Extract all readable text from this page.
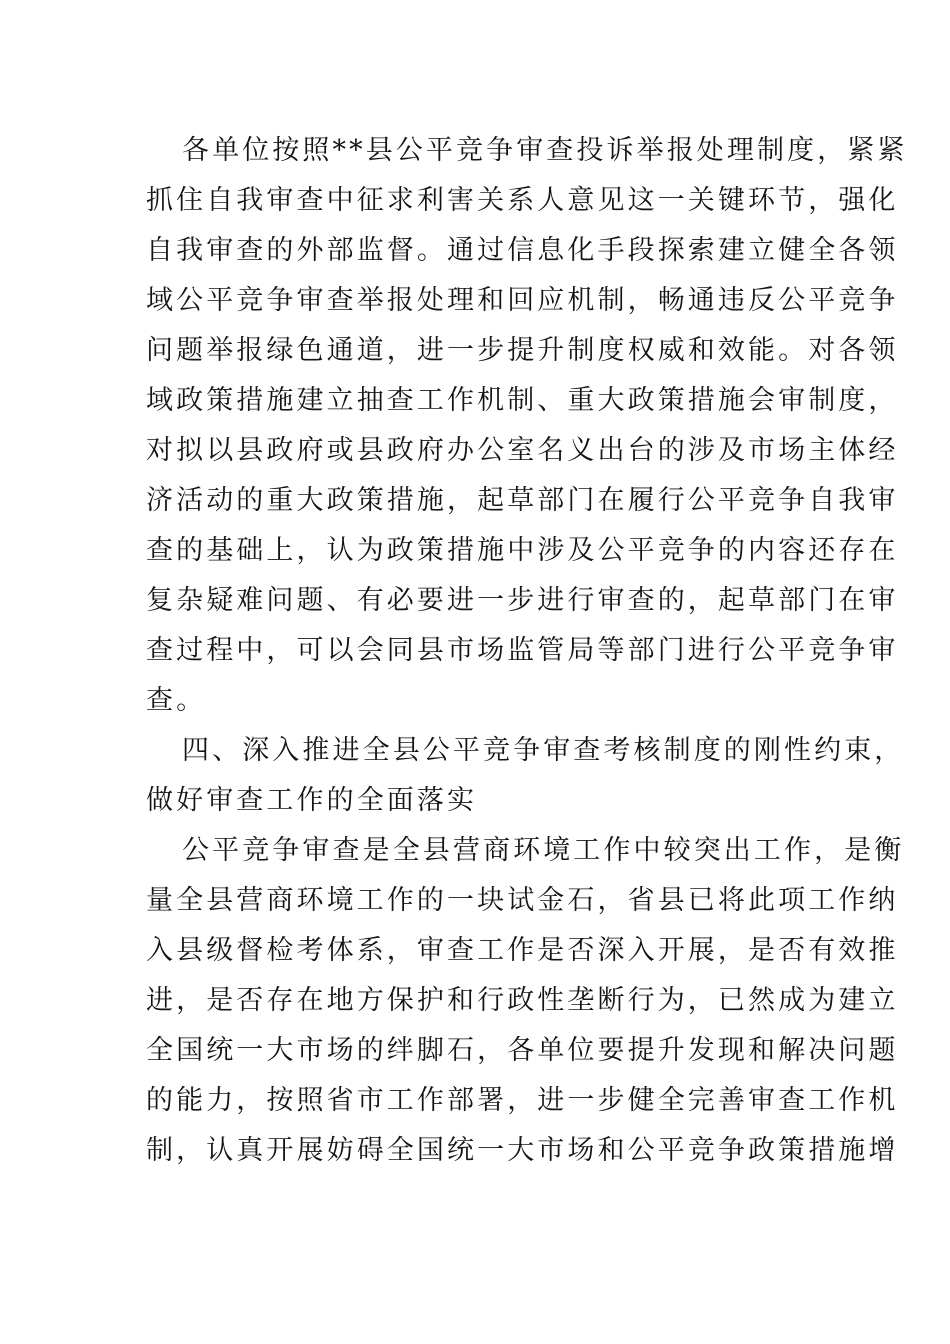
各单位按照**县公平竞争审查投诉举报处理制度，紧紧
抓住自我审查中征求利害关系人意见这一关键环节，强化
自我审查的外部监督。通过信息化手段探索建立健全各领
域公平竞争审查举报处理和回应机制，畅通违反公平竞争
问题举报绿色通道，进一步提升制度权威和效能。对各领
域政策措施建立抽查工作机制、重大政策措施会审制度，
对拟以县政府或县政府办公室名义出台的涉及市场主体经
济活动的重大政策措施，起草部门在履行公平竞争自我审
查的基础上，认为政策措施中涉及公平竞争的内容还存在
复杂疑难问题、有必要进一步进行审查的，起草部门在审
查过程中，可以会同县市场监管局等部门进行公平竞争审
查。
四、深入推进全县公平竞争审查考核制度的刚性约束，
做好审查工作的全面落实
公平竞争审查是全县营商环境工作中较突出工作，是衡
量全县营商环境工作的一块试金石，省县已将此项工作纳
入县级督检考体系，审查工作是否深入开展，是否有效推
进，是否存在地方保护和行政性垄断行为，已然成为建立
全国统一大市场的绊脚石，各单位要提升发现和解决问题
的能力，按照省市工作部署，进一步健全完善审查工作机
制，认真开展妨碍全国统一大市场和公平竞争政策措施增
